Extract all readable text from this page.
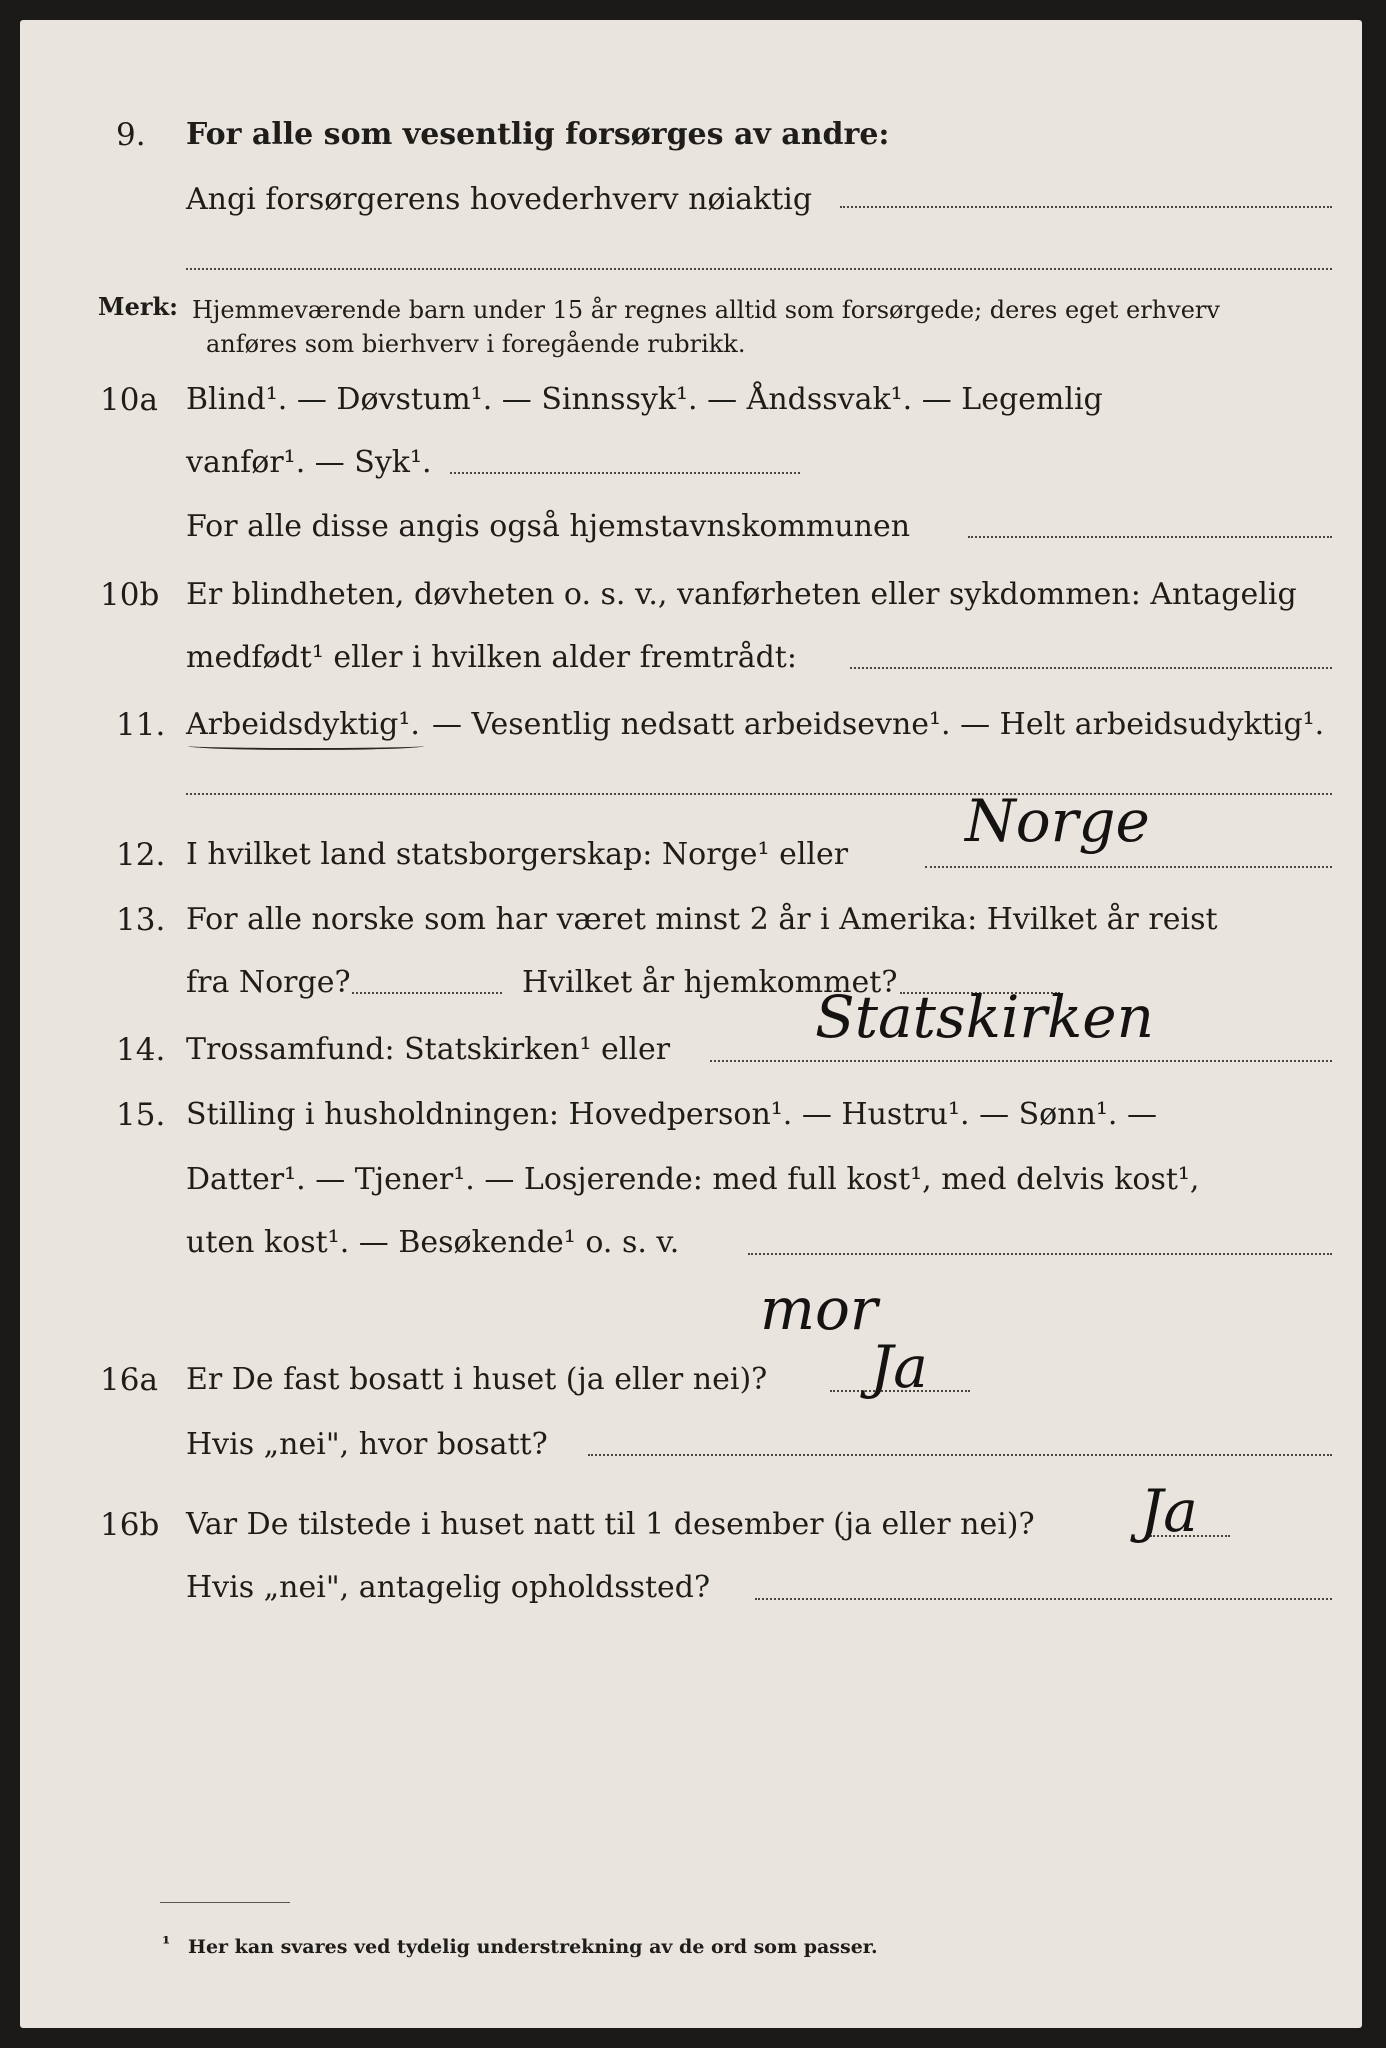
9. For alle som vesentlig forsørges av andre:
Angi forsørgerens hovederhverv nøiaktig
Merk: Hjemmeværende barn under 15 år regnes alltid som forsørgede; deres eget erhverv
anføres som bierhverv i foregående rubrikk.
10a Blind¹. — Døvstum¹. — Sinnssyk¹. — Åndssvak¹. — Legemlig
vanfør¹. — Syk¹.
For alle disse angis også hjemstavnskommunen
10b Er blindheten, døvheten o. s. v., vanførheten eller sykdommen: Antagelig
medfødt¹ eller i hvilken alder fremtrådt:
11. Arbeidsdyktig¹. — Vesentlig nedsatt arbeidsevne¹. — Helt arbeidsudyktig¹.
12. I hvilket land statsborgerskap: Norge¹ eller Norge
13. For alle norske som har været minst 2 år i Amerika: Hvilket år reist
fra Norge?	Hvilket år hjemkommet?
14. Trossamfund: Statskirken¹ eller Statskirken
15. Stilling i husholdningen: Hovedperson¹. — Hustru¹. — Sønn¹. —
Datter¹. — Tjener¹. — Losjerende: med full kost¹, med delvis kost¹,
uten kost¹. — Besøkende¹ o. s. v.
mor
16a Er De fast bosatt i huset (ja eller nei)? Ja
Hvis „nei", hvor bosatt?
16b Var De tilstede i huset natt til 1 desember (ja eller nei)? Ja
Hvis „nei", antagelig opholdssted?
¹ Her kan svares ved tydelig understrekning av de ord som passer.
